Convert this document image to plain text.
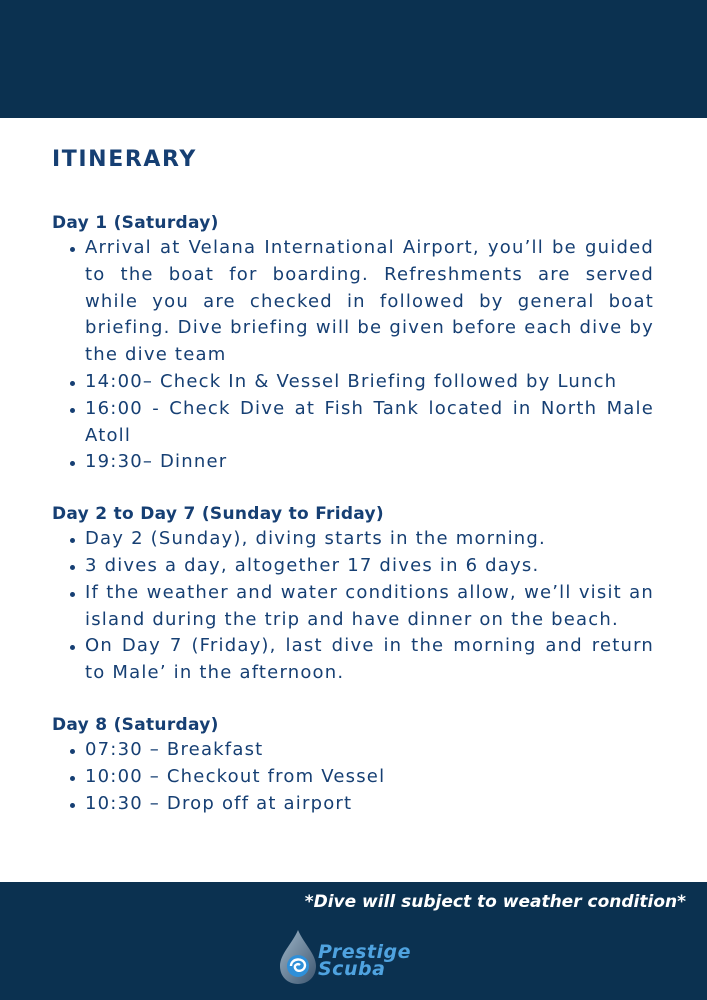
ITINERARY
Day 1 (Saturday)
Arrival at Velana International Airport, you’ll be guided to the boat for boarding. Refreshments are served while you are checked in followed by general boat briefing. Dive briefing will be given before each dive by the dive team
14:00– Check In & Vessel Briefing followed by Lunch
16:00 - Check Dive at Fish Tank located in North Male Atoll
19:30– Dinner
Day 2 to Day 7 (Sunday to Friday)
Day 2 (Sunday), diving starts in the morning.
3 dives a day, altogether 17 dives in 6 days.
If the weather and water conditions allow, we’ll visit an island during the trip and have dinner on the beach.
On Day 7 (Friday), last dive in the morning and return to Male’ in the afternoon.
Day 8 (Saturday)
07:30 – Breakfast
10:00 – Checkout from Vessel
10:30 – Drop off at airport
*Dive will subject to weather condition*
Prestige
Scuba
